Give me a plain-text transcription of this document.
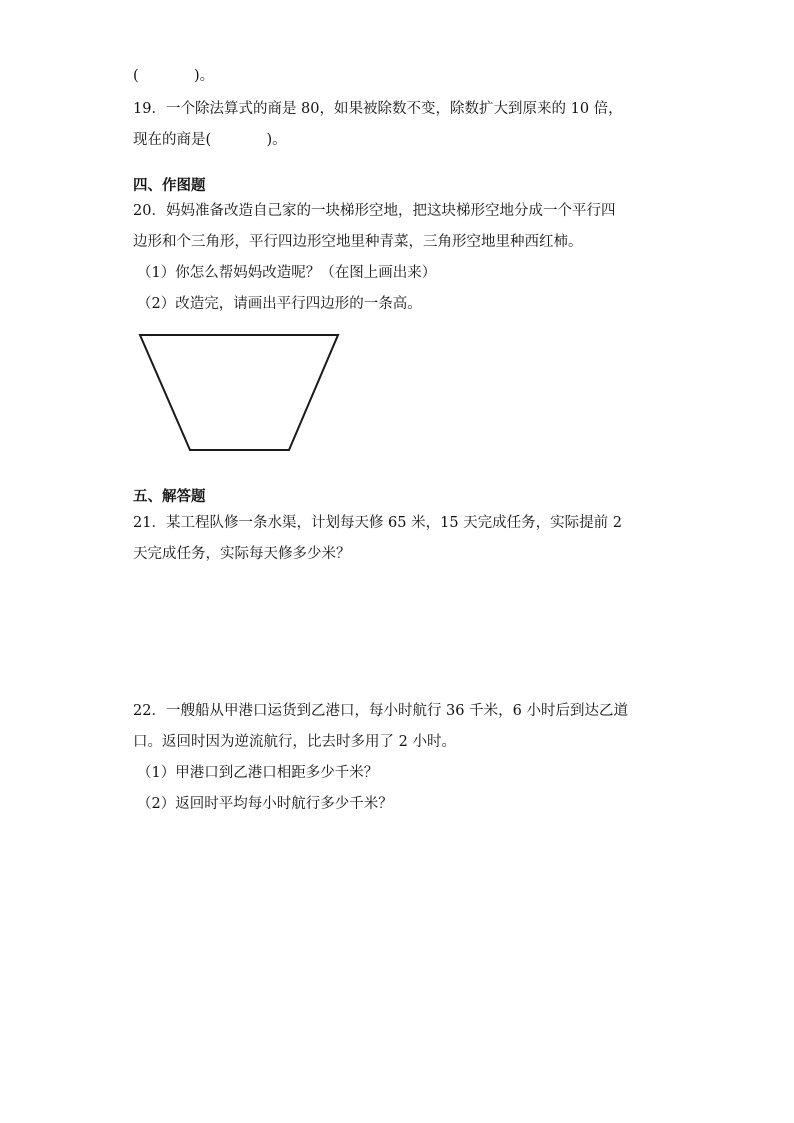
(            )。
19．一个除法算式的商是 80，如果被除数不变，除数扩大到原来的 10 倍，
现在的商是(            )。
四、作图题
20．妈妈准备改造自己家的一块梯形空地，把这块梯形空地分成一个平行四
边形和个三角形，平行四边形空地里种青菜，三角形空地里种西红柿。
（1）你怎么帮妈妈改造呢？（在图上画出来）
（2）改造完，请画出平行四边形的一条高。
五、解答题
21．某工程队修一条水渠，计划每天修 65 米，15 天完成任务，实际提前 2
天完成任务，实际每天修多少米？
22．一艘船从甲港口运货到乙港口，每小时航行 36 千米，6 小时后到达乙道
口。返回时因为逆流航行，比去时多用了 2 小时。
（1）甲港口到乙港口相距多少千米？
（2）返回时平均每小时航行多少千米？
